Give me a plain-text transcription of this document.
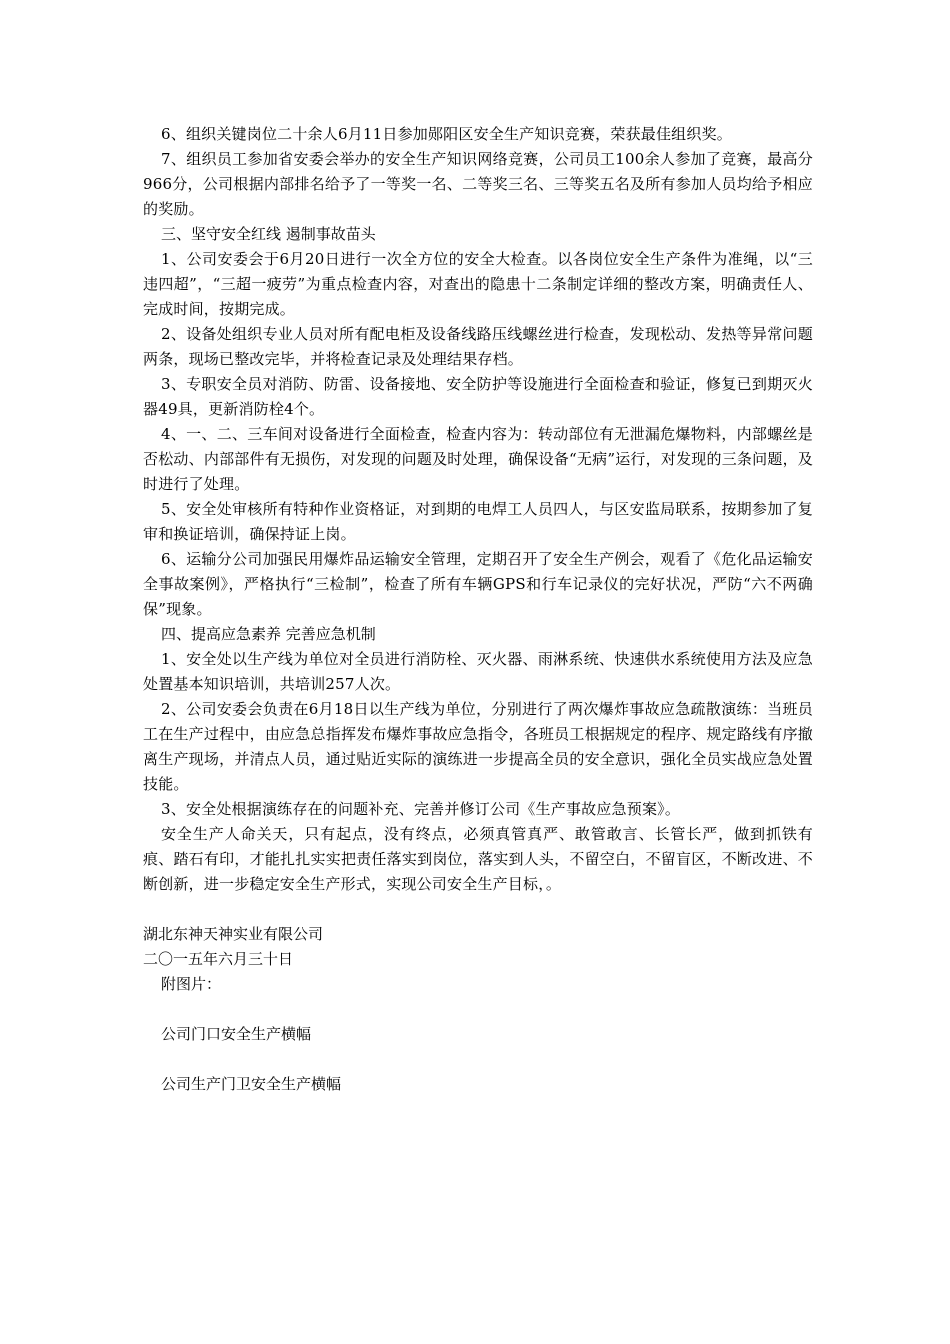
6、组织关键岗位二十余人6月11日参加郧阳区安全生产知识竞赛，荣获最佳组织奖。

7、组织员工参加省安委会举办的安全生产知识网络竞赛，公司员工100余人参加了竞赛，最高分966分，公司根据内部排名给予了一等奖一名、二等奖三名、三等奖五名及所有参加人员均给予相应的奖励。

三、坚守安全红线 遏制事故苗头

1、公司安委会于6月20日进行一次全方位的安全大检查。以各岗位安全生产条件为准绳，以“三违四超”，“三超一疲劳”为重点检查内容，对查出的隐患十二条制定详细的整改方案，明确责任人、完成时间，按期完成。

2、设备处组织专业人员对所有配电柜及设备线路压线螺丝进行检查，发现松动、发热等异常问题两条，现场已整改完毕，并将检查记录及处理结果存档。

3、专职安全员对消防、防雷、设备接地、安全防护等设施进行全面检查和验证，修复已到期灭火器49具，更新消防栓4个。

4、一、二、三车间对设备进行全面检查，检查内容为：转动部位有无泄漏危爆物料，内部螺丝是否松动、内部部件有无损伤，对发现的问题及时处理，确保设备“无病”运行，对发现的三条问题，及时进行了处理。

5、安全处审核所有特种作业资格证，对到期的电焊工人员四人，与区安监局联系，按期参加了复审和换证培训，确保持证上岗。

6、运输分公司加强民用爆炸品运输安全管理，定期召开了安全生产例会，观看了《危化品运输安全事故案例》，严格执行“三检制”，检查了所有车辆GPS和行车记录仪的完好状况，严防“六不两确保”现象。

四、提高应急素养 完善应急机制

1、安全处以生产线为单位对全员进行消防栓、灭火器、雨淋系统、快速供水系统使用方法及应急处置基本知识培训，共培训257人次。

2、公司安委会负责在6月18日以生产线为单位，分别进行了两次爆炸事故应急疏散演练：当班员工在生产过程中，由应急总指挥发布爆炸事故应急指令，各班员工根据规定的程序、规定路线有序撤离生产现场，并清点人员，通过贴近实际的演练进一步提高全员的安全意识，强化全员实战应急处置技能。

3、安全处根据演练存在的问题补充、完善并修订公司《生产事故应急预案》。

安全生产人命关天，只有起点，没有终点，必须真管真严、敢管敢言、长管长严，做到抓铁有痕、踏石有印，才能扎扎实实把责任落实到岗位，落实到人头，不留空白，不留盲区，不断改进、不断创新，进一步稳定安全生产形式，实现公司安全生产目标，。

湖北东神天神实业有限公司

二〇一五年六月三十日

附图片：

公司门口安全生产横幅

公司生产门卫安全生产横幅
